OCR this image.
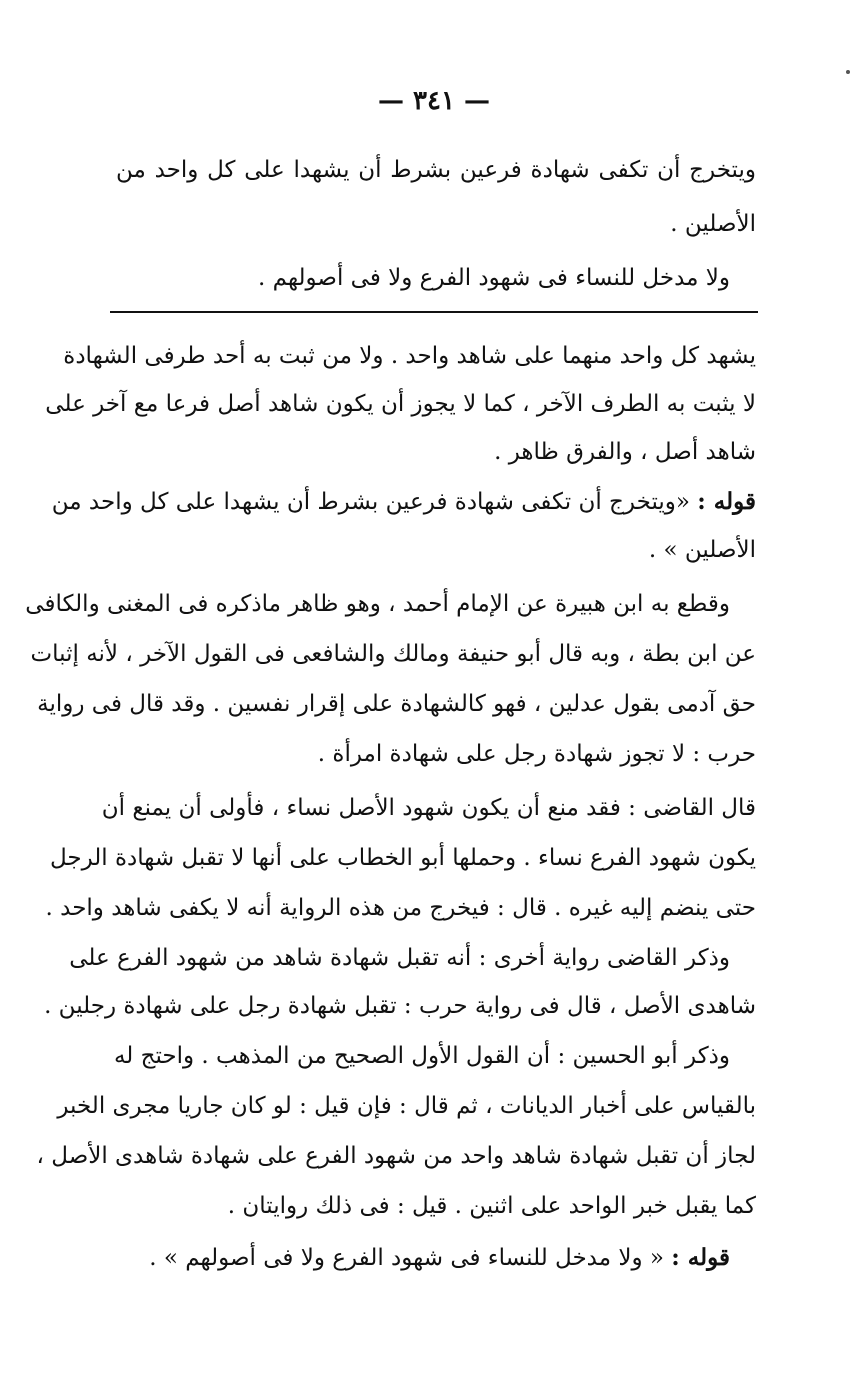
— ٣٤١ —
ويتخرج أن تكفى شهادة فرعين بشرط أن يشهدا على كل واحد من
الأصلين .
ولا مدخل للنساء فى شهود الفرع ولا فى أصولهم .
يشهد كل واحد منهما على شاهد واحد . ولا من ثبت به أحد طرفى الشهادة
لا يثبت به الطرف الآخر ، كما لا يجوز أن يكون شاهد أصل فرعا مع آخر على
شاهد أصل ، والفرق ظاهر .
قوله : «ويتخرج أن تكفى شهادة فرعين بشرط أن يشهدا على كل واحد من
الأصلين » .
وقطع به ابن هبيرة عن الإمام أحمد ، وهو ظاهر ماذكره فى المغنى والكافى
عن ابن بطة ، وبه قال أبو حنيفة ومالك والشافعى فى القول الآخر ، لأنه إثبات
حق آدمى بقول عدلين ، فهو كالشهادة على إقرار نفسين . وقد قال فى رواية
حرب : لا تجوز شهادة رجل على شهادة امرأة .
قال القاضى : فقد منع أن يكون شهود الأصل نساء ، فأولى أن يمنع أن
يكون شهود الفرع نساء . وحملها أبو الخطاب على أنها لا تقبل شهادة الرجل
حتى ينضم إليه غيره . قال : فيخرج من هذه الرواية أنه لا يكفى شاهد واحد .
وذكر القاضى رواية أخرى : أنه تقبل شهادة شاهد من شهود الفرع على
شاهدى الأصل ، قال فى رواية حرب : تقبل شهادة رجل على شهادة رجلين .
وذكر أبو الحسين : أن القول الأول الصحيح من المذهب . واحتج له
بالقياس على أخبار الديانات ، ثم قال : فإن قيل : لو كان جاريا مجرى الخبر
لجاز أن تقبل شهادة شاهد واحد من شهود الفرع على شهادة شاهدى الأصل ،
كما يقبل خبر الواحد على اثنين . قيل : فى ذلك روايتان .
قوله : « ولا مدخل للنساء فى شهود الفرع ولا فى أصولهم » .
